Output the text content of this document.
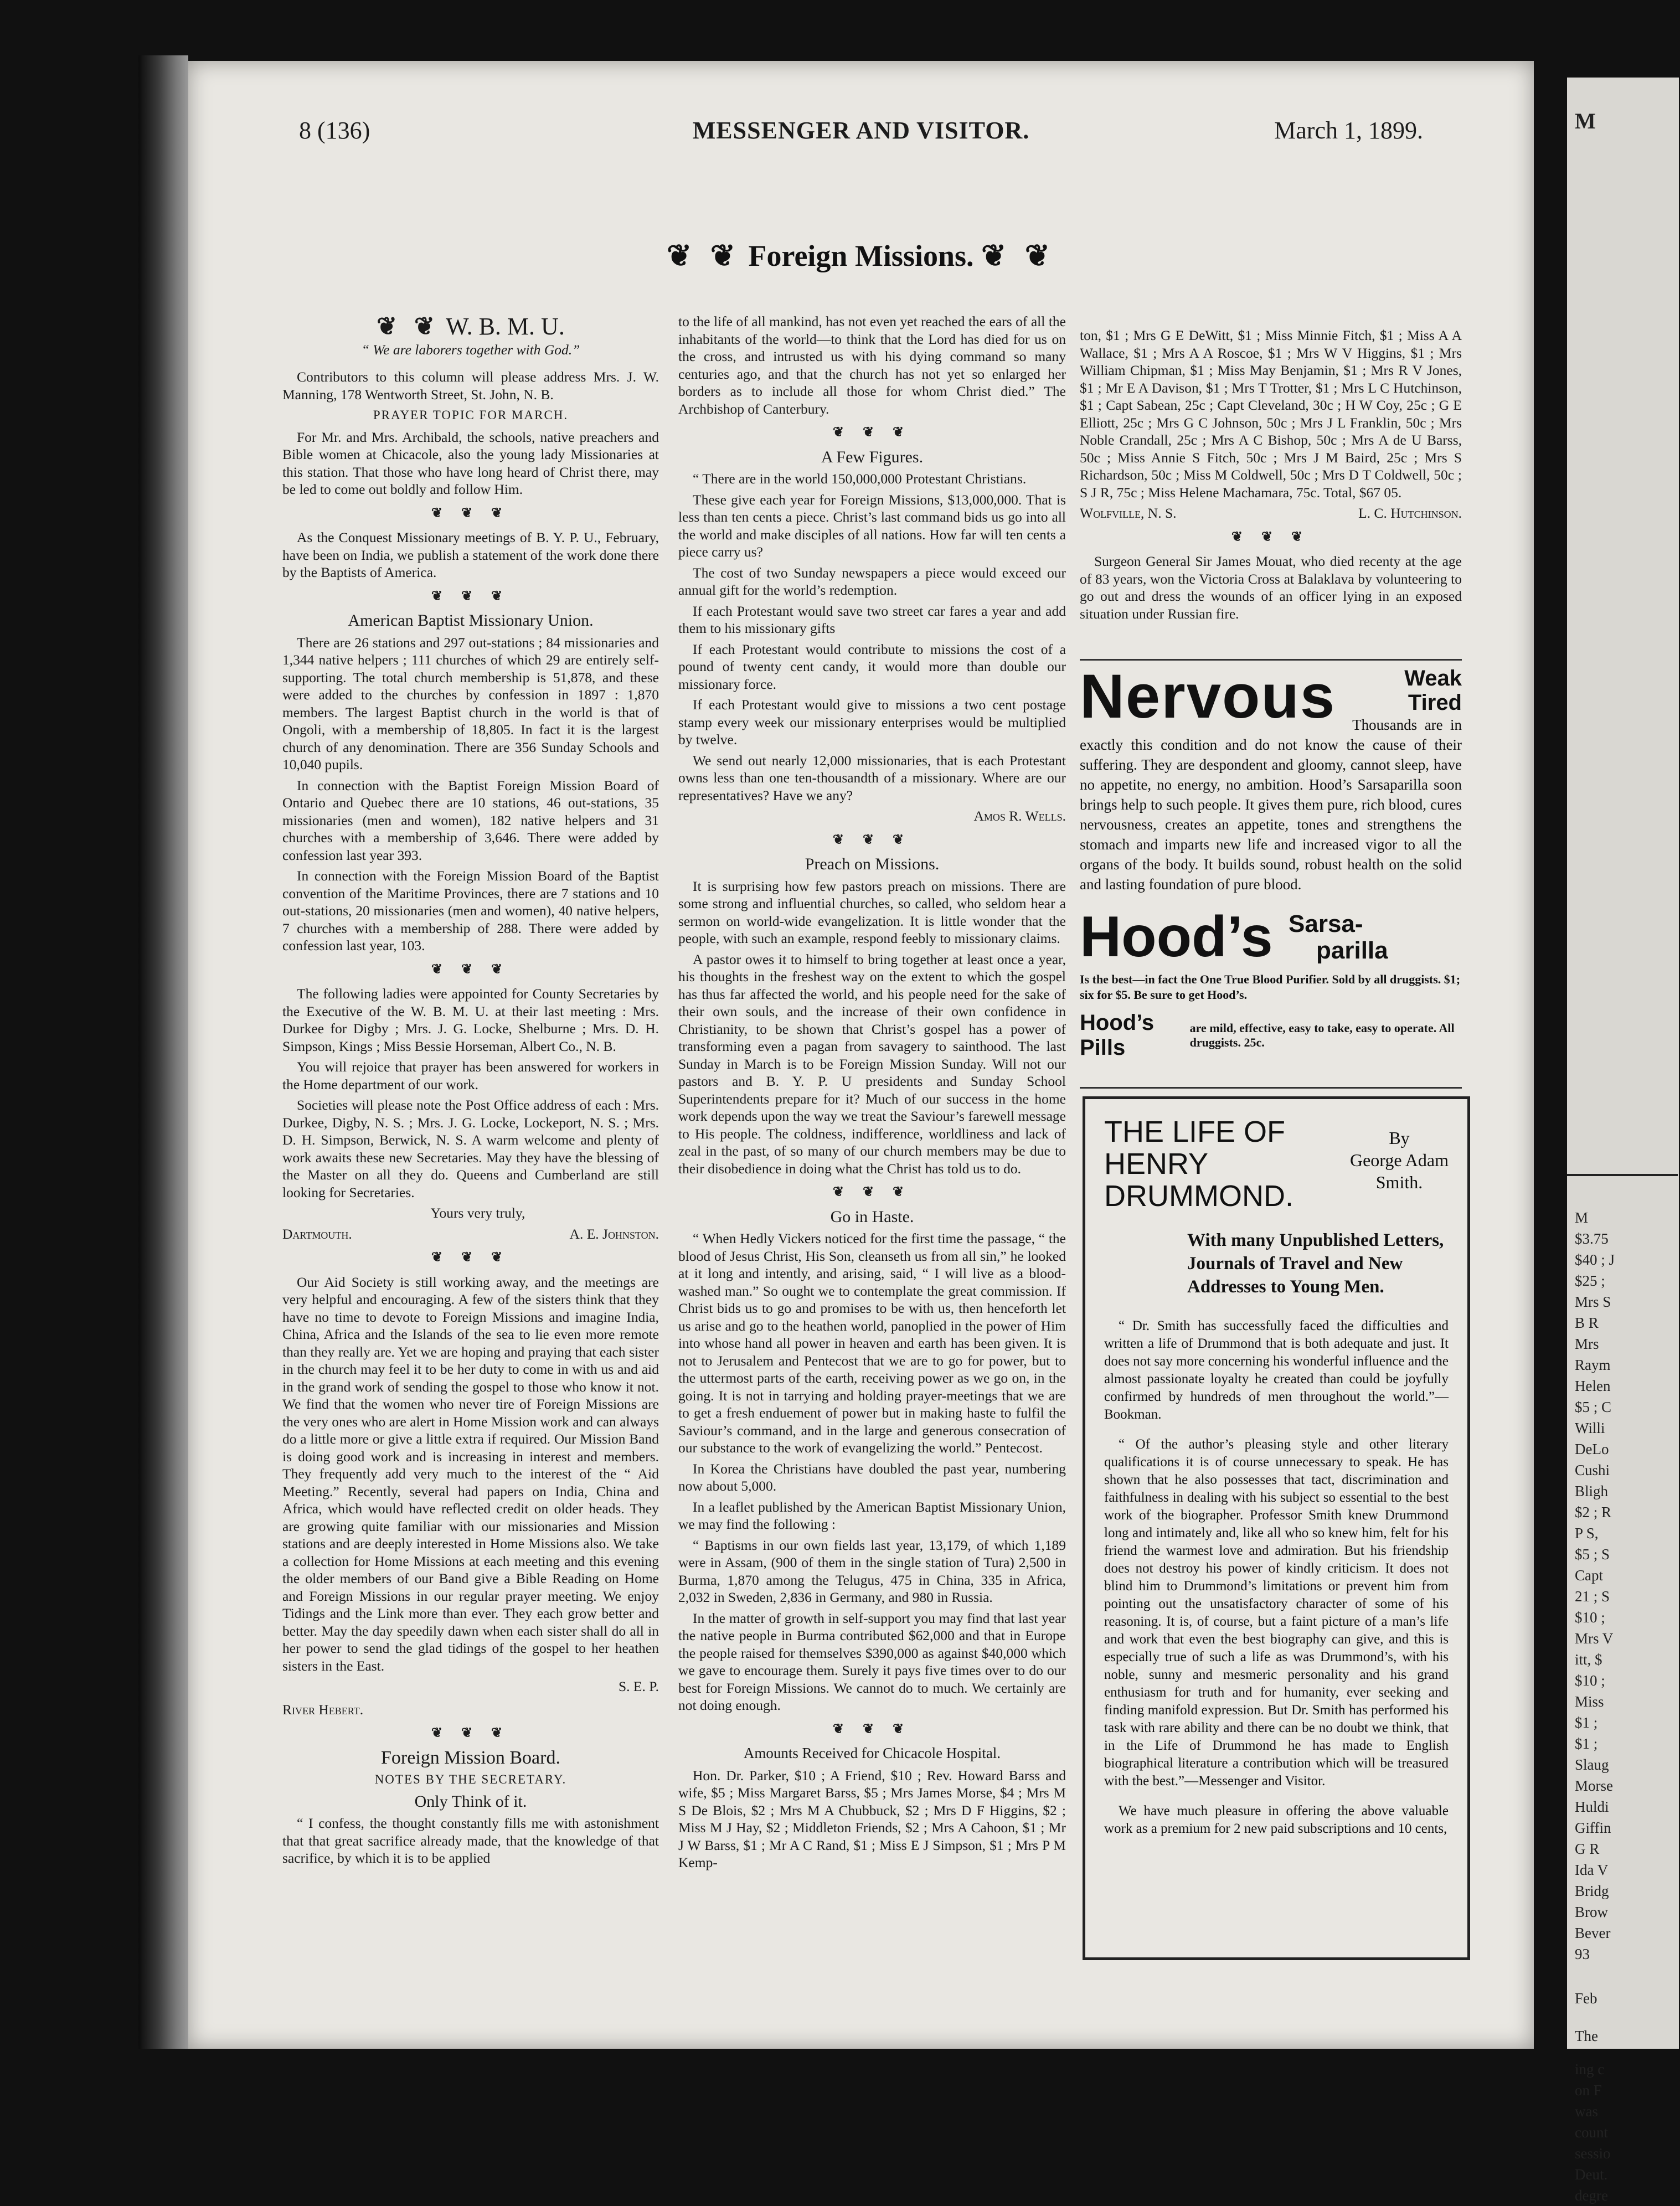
8 (136)	MESSENGER AND VISITOR.	March 1, 1899.
❦ ❦ Foreign Missions. ❦ ❦
❦ ❦ W. B. M. U.
“ We are laborers together with God.”

Contributors to this column will please address Mrs. J. W. Manning, 178 Wentworth Street, St. John, N. B.

PRAYER TOPIC FOR MARCH.

For Mr. and Mrs. Archibald, the schools, native preachers and Bible women at Chicacole, also the young lady Missionaries at this station. That those who have long heard of Christ there, may be led to come out boldly and follow Him.

❦ ❦ ❦

As the Conquest Missionary meetings of B. Y. P. U., February, have been on India, we publish a statement of the work done there by the Baptists of America.

❦ ❦ ❦
American Baptist Missionary Union.

There are 26 stations and 297 out-stations ; 84 missionaries and 1,344 native helpers ; 111 churches of which 29 are entirely self-supporting. The total church membership is 51,878, and these were added to the churches by confession in 1897 : 1,870 members. The largest Baptist church in the world is that of Ongoli, with a membership of 18,805. In fact it is the largest church of any denomination. There are 356 Sunday Schools and 10,040 pupils.

In connection with the Baptist Foreign Mission Board of Ontario and Quebec there are 10 stations, 46 out-stations, 35 missionaries (men and women), 182 native helpers and 31 churches with a membership of 3,646. There were added by confession last year 393.

In connection with the Foreign Mission Board of the Baptist convention of the Maritime Provinces, there are 7 stations and 10 out-stations, 20 missionaries (men and women), 40 native helpers, 7 churches with a membership of 288. There were added by confession last year, 103.

❦ ❦ ❦

The following ladies were appointed for County Secretaries by the Executive of the W. B. M. U. at their last meeting : Mrs. Durkee for Digby ; Mrs. J. G. Locke, Shelburne ; Mrs. D. H. Simpson, Kings ; Miss Bessie Horseman, Albert Co., N. B.

You will rejoice that prayer has been answered for workers in the Home department of our work.

Societies will please note the Post Office address of each : Mrs. Durkee, Digby, N. S. ; Mrs. J. G. Locke, Lockeport, N. S. ; Mrs. D. H. Simpson, Berwick, N. S. A warm welcome and plenty of work awaits these new Secretaries. May they have the blessing of the Master on all they do. Queens and Cumberland are still looking for Secretaries.

Yours very truly,

Dartmouth.	A. E. Johnston.
❦ ❦ ❦

Our Aid Society is still working away, and the meetings are very helpful and encouraging. A few of the sisters think that they have no time to devote to Foreign Missions and imagine India, China, Africa and the Islands of the sea to lie even more remote than they really are. Yet we are hoping and praying that each sister in the church may feel it to be her duty to come in with us and aid in the grand work of sending the gospel to those who know it not. We find that the women who never tire of Foreign Missions are the very ones who are alert in Home Mission work and can always do a little more or give a little extra if required. Our Mission Band is doing good work and is increasing in interest and members. They frequently add very much to the interest of the “ Aid Meeting.” Recently, several had papers on India, China and Africa, which would have reflected credit on older heads. They are growing quite familiar with our missionaries and Mission stations and are deeply interested in Home Missions also. We take a collection for Home Missions at each meeting and this evening the older members of our Band give a Bible Reading on Home and Foreign Missions in our regular prayer meeting. We enjoy Tidings and the Link more than ever. They each grow better and better. May the day speedily dawn when each sister shall do all in her power to send the glad tidings of the gospel to her heathen sisters in the East.

S. E. P.

River Hebert.

❦ ❦ ❦
Foreign Mission Board.
NOTES BY THE SECRETARY.
Only Think of it.

“ I confess, the thought constantly fills me with astonishment that that great sacrifice already made, that the knowledge of that sacrifice, by which it is to be applied

to the life of all mankind, has not even yet reached the ears of all the inhabitants of the world—to think that the Lord has died for us on the cross, and intrusted us with his dying command so many centuries ago, and that the church has not yet so enlarged her borders as to include all those for whom Christ died.” The Archbishop of Canterbury.

❦ ❦ ❦
A Few Figures.

“ There are in the world 150,000,000 Protestant Christians.

These give each year for Foreign Missions, $13,000,000. That is less than ten cents a piece. Christ’s last command bids us go into all the world and make disciples of all nations. How far will ten cents a piece carry us?

The cost of two Sunday newspapers a piece would exceed our annual gift for the world’s redemption.

If each Protestant would save two street car fares a year and add them to his missionary gifts

If each Protestant would contribute to missions the cost of a pound of twenty cent candy, it would more than double our missionary force.

If each Protestant would give to missions a two cent postage stamp every week our missionary enterprises would be multiplied by twelve.

We send out nearly 12,000 missionaries, that is each Protestant owns less than one ten-thousandth of a missionary. Where are our representatives? Have we any?

Amos R. Wells.
❦ ❦ ❦
Preach on Missions.

It is surprising how few pastors preach on missions. There are some strong and influential churches, so called, who seldom hear a sermon on world-wide evangelization. It is little wonder that the people, with such an example, respond feebly to missionary claims.

A pastor owes it to himself to bring together at least once a year, his thoughts in the freshest way on the extent to which the gospel has thus far affected the world, and his people need for the sake of their own souls, and the increase of their own confidence in Christianity, to be shown that Christ’s gospel has a power of transforming even a pagan from savagery to sainthood. The last Sunday in March is to be Foreign Mission Sunday. Will not our pastors and B. Y. P. U presidents and Sunday School Superintendents prepare for it? Much of our success in the home work depends upon the way we treat the Saviour’s farewell message to His people. The coldness, indifference, worldliness and lack of zeal in the past, of so many of our church members may be due to their disobedience in doing what the Christ has told us to do.

❦ ❦ ❦
Go in Haste.

“ When Hedly Vickers noticed for the first time the passage, “ the blood of Jesus Christ, His Son, cleanseth us from all sin,” he looked at it long and intently, and arising, said, “ I will live as a blood-washed man.” So ought we to contemplate the great commission. If Christ bids us to go and promises to be with us, then henceforth let us arise and go to the heathen world, panoplied in the power of Him into whose hand all power in heaven and earth has been given. It is not to Jerusalem and Pentecost that we are to go for power, but to the uttermost parts of the earth, receiving power as we go on, in the going. It is not in tarrying and holding prayer-meetings that we are to get a fresh enduement of power but in making haste to fulfil the Saviour’s command, and in the large and generous consecration of our substance to the work of evangelizing the world.” Pentecost.

In Korea the Christians have doubled the past year, numbering now about 5,000.

In a leaflet published by the American Baptist Missionary Union, we may find the following :

“ Baptisms in our own fields last year, 13,179, of which 1,189 were in Assam, (900 of them in the single station of Tura) 2,500 in Burma, 1,870 among the Telugus, 475 in China, 335 in Africa, 2,032 in Sweden, 2,836 in Germany, and 980 in Russia.

In the matter of growth in self-support you may find that last year the native people in Burma contributed $62,000 and that in Europe the people raised for themselves $390,000 as against $40,000 which we gave to encourage them. Surely it pays five times over to do our best for Foreign Missions. We cannot do to much. We certainly are not doing enough.

❦ ❦ ❦
Amounts Received for Chicacole Hospital.

Hon. Dr. Parker, $10 ; A Friend, $10 ; Rev. Howard Barss and wife, $5 ; Miss Margaret Barss, $5 ; Mrs James Morse, $4 ; Mrs M S De Blois, $2 ; Mrs M A Chubbuck, $2 ; Mrs D F Higgins, $2 ; Miss M J Hay, $2 ; Middleton Friends, $2 ; Mrs A Cahoon, $1 ; Mr J W Barss, $1 ; Mr A C Rand, $1 ; Miss E J Simpson, $1 ; Mrs P M Kemp-

ton, $1 ; Mrs G E DeWitt, $1 ; Miss Minnie Fitch, $1 ; Miss A A Wallace, $1 ; Mrs A A Roscoe, $1 ; Mrs W V Higgins, $1 ; Mrs William Chipman, $1 ; Miss May Benjamin, $1 ; Mrs R V Jones, $1 ; Mr E A Davison, $1 ; Mrs T Trotter, $1 ; Mrs L C Hutchinson, $1 ; Capt Sabean, 25c ; Capt Cleveland, 30c ; H W Coy, 25c ; G E Elliott, 25c ; Mrs G C Johnson, 50c ; Mrs J L Franklin, 50c ; Mrs Noble Crandall, 25c ; Mrs A C Bishop, 50c ; Mrs A de U Barss, 50c ; Miss Annie S Fitch, 50c ; Mrs J M Baird, 25c ; Mrs S Richardson, 50c ; Miss M Coldwell, 50c ; Mrs D T Coldwell, 50c ; S J R, 75c ; Miss Helene Machamara, 75c. Total, $67 05.

Wolfville, N. S.	L. C. Hutchinson.
❦ ❦ ❦

Surgeon General Sir James Mouat, who died recenty at the age of 83 years, won the Victoria Cross at Balaklava by volunteering to go out and dress the wounds of an officer lying in an exposed situation under Russian fire.

Nervous	Weak Tired
Thousands are in exactly this condition and do not know the cause of their suffering. They are despondent and gloomy, cannot sleep, have no appetite, no energy, no ambition. Hood’s Sarsaparilla soon brings help to such people. It gives them pure, rich blood, cures nervousness, creates an appetite, tones and strengthens the stomach and imparts new life and increased vigor to all the organs of the body. It builds sound, robust health on the solid and lasting foundation of pure blood.
Hood’s Sarsa-
parilla
Is the best—in fact the One True Blood Purifier. Sold by all druggists. $1; six for $5. Be sure to get Hood’s.
Hood’s Pills
are mild, effective, easy to take, easy to operate. All druggists. 25c.
THE LIFE OF
HENRY
DRUMMOND.
By
George Adam
Smith.
With many Unpublished Letters, Journals of Travel and New Addresses to Young Men.

“ Dr. Smith has successfully faced the difficulties and written a life of Drummond that is both adequate and just. It does not say more concerning his wonderful influence and the almost passionate loyalty he created than could be joyfully confirmed by hundreds of men throughout the world.”—Bookman.

“ Of the author’s pleasing style and other literary qualifications it is of course unnecessary to speak. He has shown that he also possesses that tact, discrimination and faithfulness in dealing with his subject so essential to the best work of the biographer. Professor Smith knew Drummond long and intimately and, like all who so knew him, felt for his friend the warmest love and admiration. But his friendship does not destroy his power of kindly criticism. It does not blind him to Drummond’s limitations or prevent him from pointing out the unsatisfactory character of some of his reasoning. It is, of course, but a faint picture of a man’s life and work that even the best biography can give, and this is especially true of such a life as was Drummond’s, with his noble, sunny and mesmeric personality and his grand enthusiasm for truth and for humanity, ever seeking and finding manifold expression. But Dr. Smith has performed his task with rare ability and there can be no doubt we think, that in the Life of Drummond he has made to English biographical literature a contribution which will be treasured with the best.”—Messenger and Visitor.

We have much pleasure in offering the above valuable work as a premium for 2 new paid subscriptions and 10 cents,

M
M
$3.75
$40 ; J
$25 ;
Mrs S
B R
Mrs
Raym
Helen
$5 ; C
Willi
DeLo
Cushi
Bligh
$2 ; R
P S,
$5 ; S
Capt
21 ; S
$10 ;
Mrs V
itt, $
$10 ;
Miss
$1 ;
$1 ;
Slaug
Morse
Huldi
Giffin
G R
Ida V
Bridg
Brow
Bever
93
Feb
The
ing c
on F
was
count
sessio
Deut.
degre
